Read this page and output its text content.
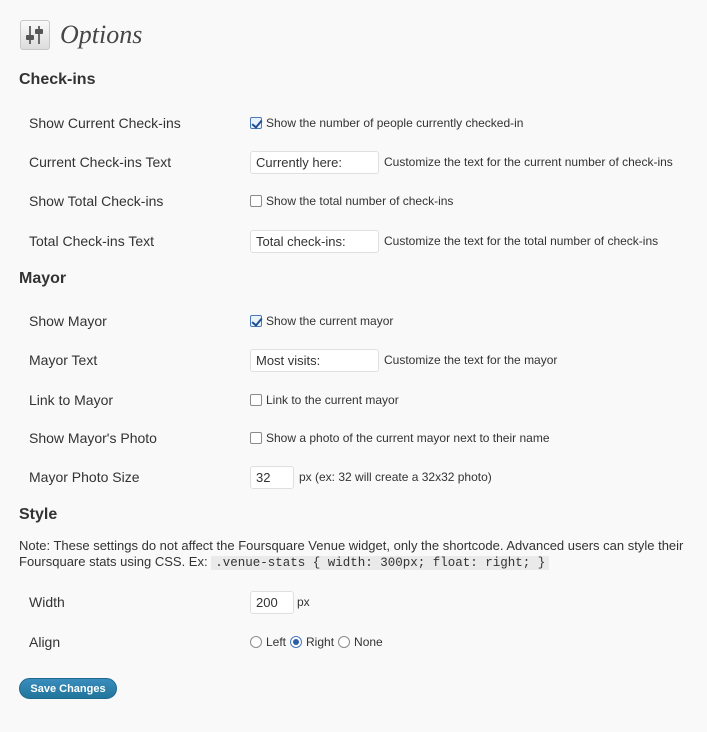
Options
Check-ins
Show Current Check-ins	Show the number of people currently checked-in
Current Check-ins Text	Currently here:	Customize the text for the current number of check-ins
Show Total Check-ins	Show the total number of check-ins
Total Check-ins Text	Total check-ins:	Customize the text for the total number of check-ins
Mayor
Show Mayor	Show the current mayor
Mayor Text	Most visits:	Customize the text for the mayor
Link to Mayor	Link to the current mayor
Show Mayor's Photo	Show a photo of the current mayor next to their name
Mayor Photo Size	32	px (ex: 32 will create a 32x32 photo)
Style
Note: These settings do not affect the Foursquare Venue widget, only the shortcode. Advanced users can style their Foursquare stats using CSS. Ex: .venue-stats { width: 300px; float: right; }
Width	200	px
Align	Left Right None
Save Changes
